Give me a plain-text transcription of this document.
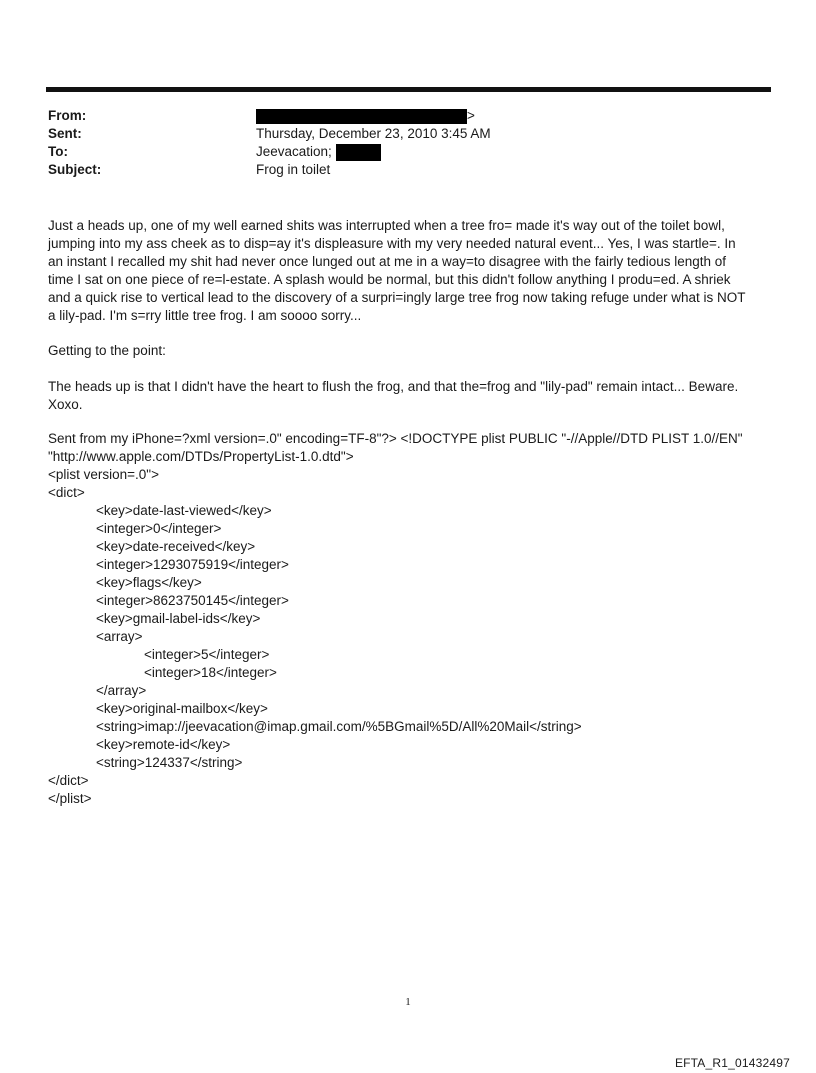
From:	>
Sent:	Thursday, December 23, 2010 3:45 AM
To:	Jeevacation;
Subject:	Frog in toilet

Just a heads up, one of my well earned shits was interrupted when a tree fro= made it's way out of the toilet bowl, jumping into my ass cheek as to disp=ay it's displeasure with my very needed natural event... Yes, I was startle=. In an instant I recalled my shit had never once lunged out at me in a way=to disagree with the fairly tedious length of time I sat on one piece of re=l-estate. A splash would be normal, but this didn't follow anything I produ=ed. A shriek and a quick rise to vertical lead to the discovery of a surpri=ingly large tree frog now taking refuge under what is NOT a lily-pad. I'm s=rry little tree frog. I am soooo sorry...

Getting to the point:

The heads up is that I didn't have the heart to flush the frog, and that the=frog and "lily-pad" remain intact... Beware. Xoxo.

Sent from my iPhone=?xml version=.0" encoding=TF-8"?> <!DOCTYPE plist PUBLIC "-//Apple//DTD PLIST 1.0//EN"
"http://www.apple.com/DTDs/PropertyList-1.0.dtd">
<plist version=.0">
<dict>
<key>date-last-viewed</key>
<integer>0</integer>
<key>date-received</key>
<integer>1293075919</integer>
<key>flags</key>
<integer>8623750145</integer>
<key>gmail-label-ids</key>
<array>
<integer>5</integer>
<integer>18</integer>
</array>
<key>original-mailbox</key>
<string>imap://jeevacation@imap.gmail.com/%5BGmail%5D/All%20Mail</string>
<key>remote-id</key>
<string>124337</string>
</dict>
</plist>
1
EFTA_R1_01432497
